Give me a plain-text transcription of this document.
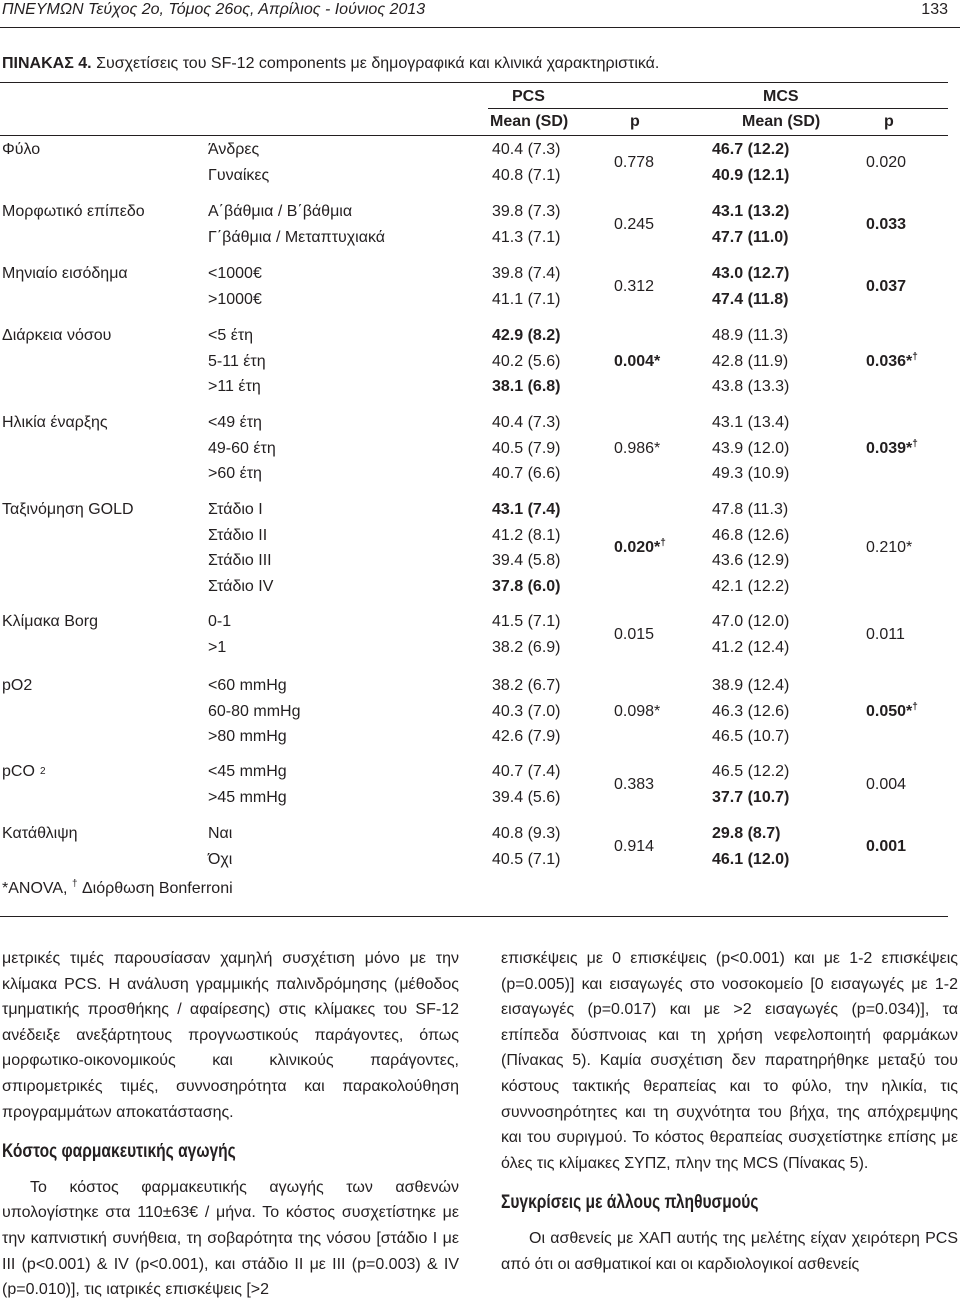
ΠΝΕΥΜΩΝ Τεύχος 2ο, Τόμος 26ος, Απρίλιος - Ιούνιος 2013	133
ΠΙΝΑΚΑΣ 4. Συσχετίσεις του SF-12 components με δημογραφικά και κλινικά χαρακτηριστικά.
PCS	MCS
Mean (SD)	p	Mean (SD)	p
Φύλο	Άνδρες	40.4 (7.3)	46.7 (12.2)
Γυναίκες	40.8 (7.1)	40.9 (12.1)
0.778	0.020
Μορφωτικό επίπεδο	Α΄βάθμια / Β΄βάθμια	39.8 (7.3)	43.1 (13.2)
Γ΄βάθμια / Μεταπτυχιακά	41.3 (7.1)	47.7 (11.0)
0.245	0.033
Μηνιαίο εισόδημα	<1000€	39.8 (7.4)	43.0 (12.7)
>1000€	41.1 (7.1)	47.4 (11.8)
0.312	0.037
Διάρκεια νόσου	<5 έτη	42.9 (8.2)	48.9 (11.3)
5-11 έτη	40.2 (5.6)	42.8 (11.9)
>11 έτη	38.1 (6.8)	43.8 (13.3)
0.004*	0.036*†
Ηλικία έναρξης	<49 έτη	40.4 (7.3)	43.1 (13.4)
49-60 έτη	40.5 (7.9)	43.9 (12.0)
>60 έτη	40.7 (6.6)	49.3 (10.9)
0.986*	0.039*†
Ταξινόμηση GOLD	Στάδιο Ι	43.1 (7.4)	47.8 (11.3)
Στάδιο ΙΙ	41.2 (8.1)	46.8 (12.6)
Στάδιο ΙΙΙ	39.4 (5.8)	43.6 (12.9)
Στάδιο IV	37.8 (6.0)	42.1 (12.2)
0.020*†	0.210*
Κλίμακα Borg	0-1	41.5 (7.1)	47.0 (12.0)
>1	38.2 (6.9)	41.2 (12.4)
0.015	0.011
pO2	<60 mmHg	38.2 (6.7)	38.9 (12.4)
60-80 mmHg	40.3 (7.0)	46.3 (12.6)
>80 mmHg	42.6 (7.9)	46.5 (10.7)
0.098*	0.050*†
pCO 2	<45 mmHg	40.7 (7.4)	46.5 (12.2)
>45 mmHg	39.4 (5.6)	37.7 (10.7)
0.383	0.004
Κατάθλιψη	Ναι	40.8 (9.3)	29.8 (8.7)
Όχι	40.5 (7.1)	46.1 (12.0)
0.914	0.001
*ANOVA, † Διόρθωση Bonferroni

μετρικές τιμές παρουσίασαν χαμηλή συσχέτιση μόνο με την κλίμακα PCS. Η ανάλυση γραμμικής παλινδρόμησης (μέθοδος τμηματικής προσθήκης / αφαίρεσης) στις κλίμακες του SF-12 ανέδειξε ανεξάρτητους προγνωστικούς παράγοντες, όπως μορφωτικο-οικονομικούς και κλινικούς παράγοντες, σπιρομετρικές τιμές, συννοσηρότητα και παρακολούθηση προγραμμάτων αποκατάστασης.

Κόστος φαρμακευτικής αγωγής

Το κόστος φαρμακευτικής αγωγής των ασθενών υπολογίστηκε στα 110±63€ / μήνα. Το κόστος συσχετίστηκε με την καπνιστική συνήθεια, τη σοβαρότητα της νόσου [στάδιο Ι με ΙΙΙ (p<0.001) & IV (p<0.001), και στάδιο ΙΙ με ΙΙΙ (p=0.003) & IV (p=0.010)], τις ιατρικές επισκέψεις [>2

επισκέψεις με 0 επισκέψεις (p<0.001) και με 1-2 επισκέψεις (p=0.005)] και εισαγωγές στο νοσοκομείο [0 εισαγωγές με 1-2 εισαγωγές (p=0.017) και με >2 εισαγωγές (p=0.034)], τα επίπεδα δύσπνοιας και τη χρήση νεφελοποιητή φαρμάκων (Πίνακας 5). Καμία συσχέτιση δεν παρατηρήθηκε μεταξύ του κόστους τακτικής θεραπείας και το φύλο, την ηλικία, τις συννοσηρότητες και τη συχνότητα του βήχα, της απόχρεμψης και του συριγμού. Το κόστος θεραπείας συσχετίστηκε επίσης με όλες τις κλίμακες ΣΥΠΖ, πλην της MCS (Πίνακας 5).

Συγκρίσεις με άλλους πληθυσμούς

Οι ασθενείς με ΧΑΠ αυτής της μελέτης είχαν χειρότερη PCS από ότι οι ασθματικοί και οι καρδιολογικοί ασθενείς
